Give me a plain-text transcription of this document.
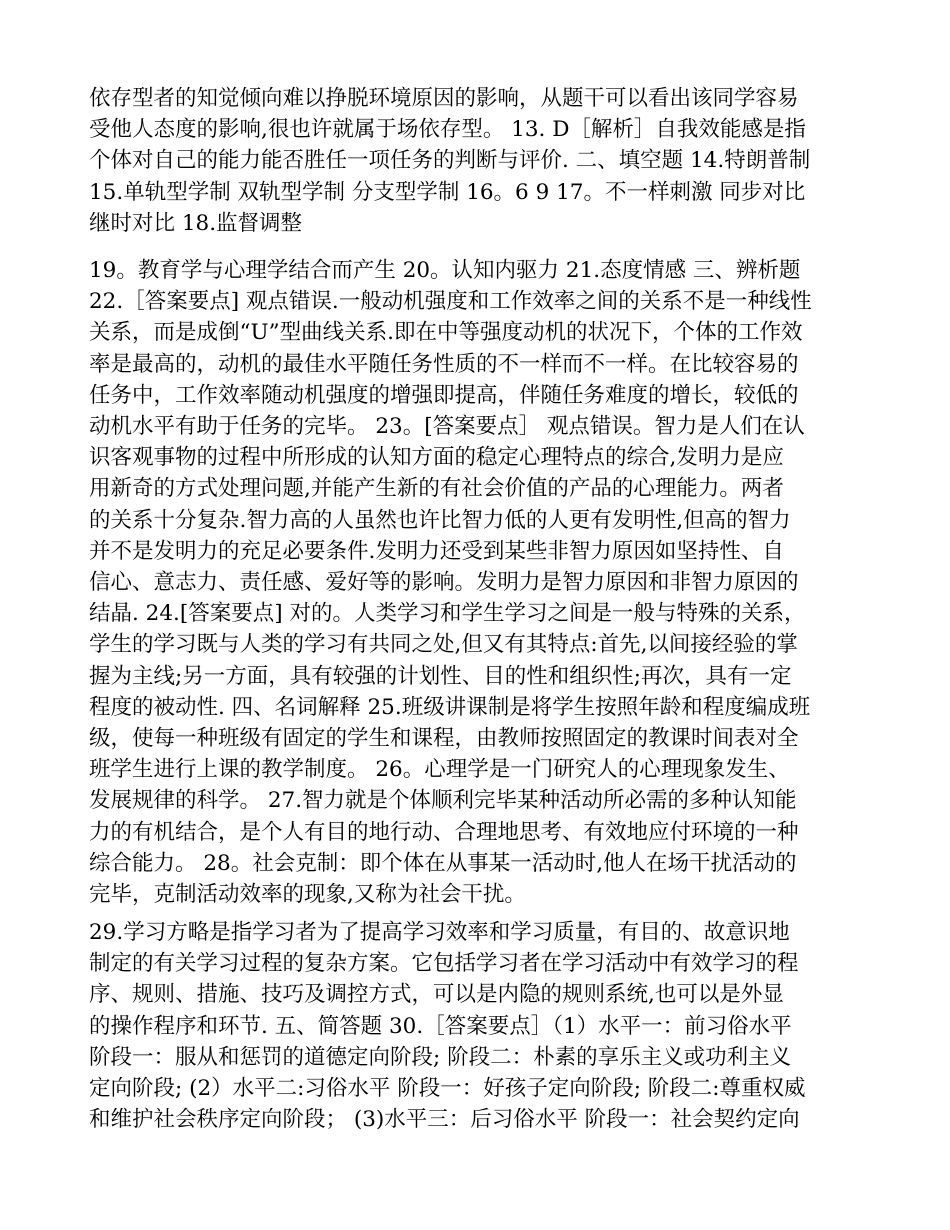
依存型者的知觉倾向难以挣脱环境原因的影响，从题干可以看出该同学容易
受他人态度的影响,很也许就属于场依存型。 13. D［解析］自我效能感是指
个体对自己的能力能否胜任一项任务的判断与评价. 二、填空题 14.特朗普制
15.单轨型学制 双轨型学制 分支型学制 16。6 9 17。不一样刺激 同步对比
继时对比 18.监督调整
19。教育学与心理学结合而产生 20。认知内驱力 21.态度情感 三、辨析题
22.［答案要点] 观点错误.一般动机强度和工作效率之间的关系不是一种线性
关系，而是成倒“U”型曲线关系.即在中等强度动机的状况下，个体的工作效
率是最高的，动机的最佳水平随任务性质的不一样而不一样。在比较容易的
任务中，工作效率随动机强度的增强即提高，伴随任务难度的增长，较低的
动机水平有助于任务的完毕。 23。[答案要点］ 观点错误。智力是人们在认
识客观事物的过程中所形成的认知方面的稳定心理特点的综合,发明力是应
用新奇的方式处理问题,并能产生新的有社会价值的产品的心理能力。两者
的关系十分复杂.智力高的人虽然也许比智力低的人更有发明性,但高的智力
并不是发明力的充足必要条件.发明力还受到某些非智力原因如坚持性、自
信心、意志力、责任感、爱好等的影响。发明力是智力原因和非智力原因的
结晶. 24.[答案要点] 对的。人类学习和学生学习之间是一般与特殊的关系，
学生的学习既与人类的学习有共同之处,但又有其特点:首先,以间接经验的掌
握为主线;另一方面，具有较强的计划性、目的性和组织性;再次，具有一定
程度的被动性. 四、名词解释 25.班级讲课制是将学生按照年龄和程度编成班
级，使每一种班级有固定的学生和课程，由教师按照固定的教课时间表对全
班学生进行上课的教学制度。 26。心理学是一门研究人的心理现象发生、
发展规律的科学。 27.智力就是个体顺利完毕某种活动所必需的多种认知能
力的有机结合，是个人有目的地行动、合理地思考、有效地应付环境的一种
综合能力。 28。社会克制：即个体在从事某一活动时,他人在场干扰活动的
完毕，克制活动效率的现象,又称为社会干扰。
29.学习方略是指学习者为了提高学习效率和学习质量，有目的、故意识地
制定的有关学习过程的复杂方案。它包括学习者在学习活动中有效学习的程
序、规则、措施、技巧及调控方式，可以是内隐的规则系统,也可以是外显
的操作程序和环节. 五、简答题 30.［答案要点］（1）水平一：前习俗水平
阶段一：服从和惩罚的道德定向阶段; 阶段二：朴素的享乐主义或功利主义
定向阶段; (2）水平二:习俗水平 阶段一：好孩子定向阶段; 阶段二:尊重权威
和维护社会秩序定向阶段； (3)水平三：后习俗水平 阶段一：社会契约定向
